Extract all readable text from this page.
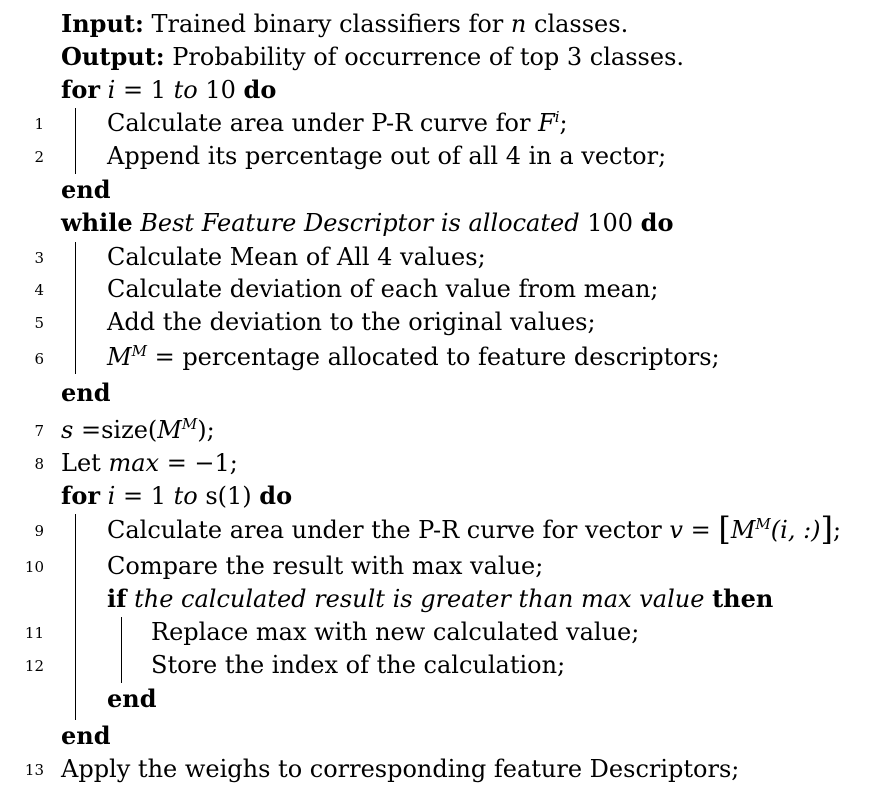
Input: Trained binary classifiers for n classes.
Output: Probability of occurrence of top 3 classes.
for i = 1 to 10 do
1	Calculate area under P-R curve for $F^i$;
2	Append its percentage out of all 4 in a vector;
end
while Best Feature Descriptor is allocated 100 do
3	Calculate Mean of All 4 values;
4	Calculate deviation of each value from mean;
5	Add the deviation to the original values;
6	$M^M$ = percentage allocated to feature descriptors;
end
7 $s =size(M^M)$;
8 Let max = −1;
for i = 1 to s(1) do
9	Calculate area under the P-R curve for vector $v = [M^M(i$, :)];
10	Compare the result with max value;
if the calculated result is greater than max value then
11	Replace max with new calculated value;
12	Store the index of the calculation;
end
end
13 Apply the weighs to corresponding feature Descriptors;
